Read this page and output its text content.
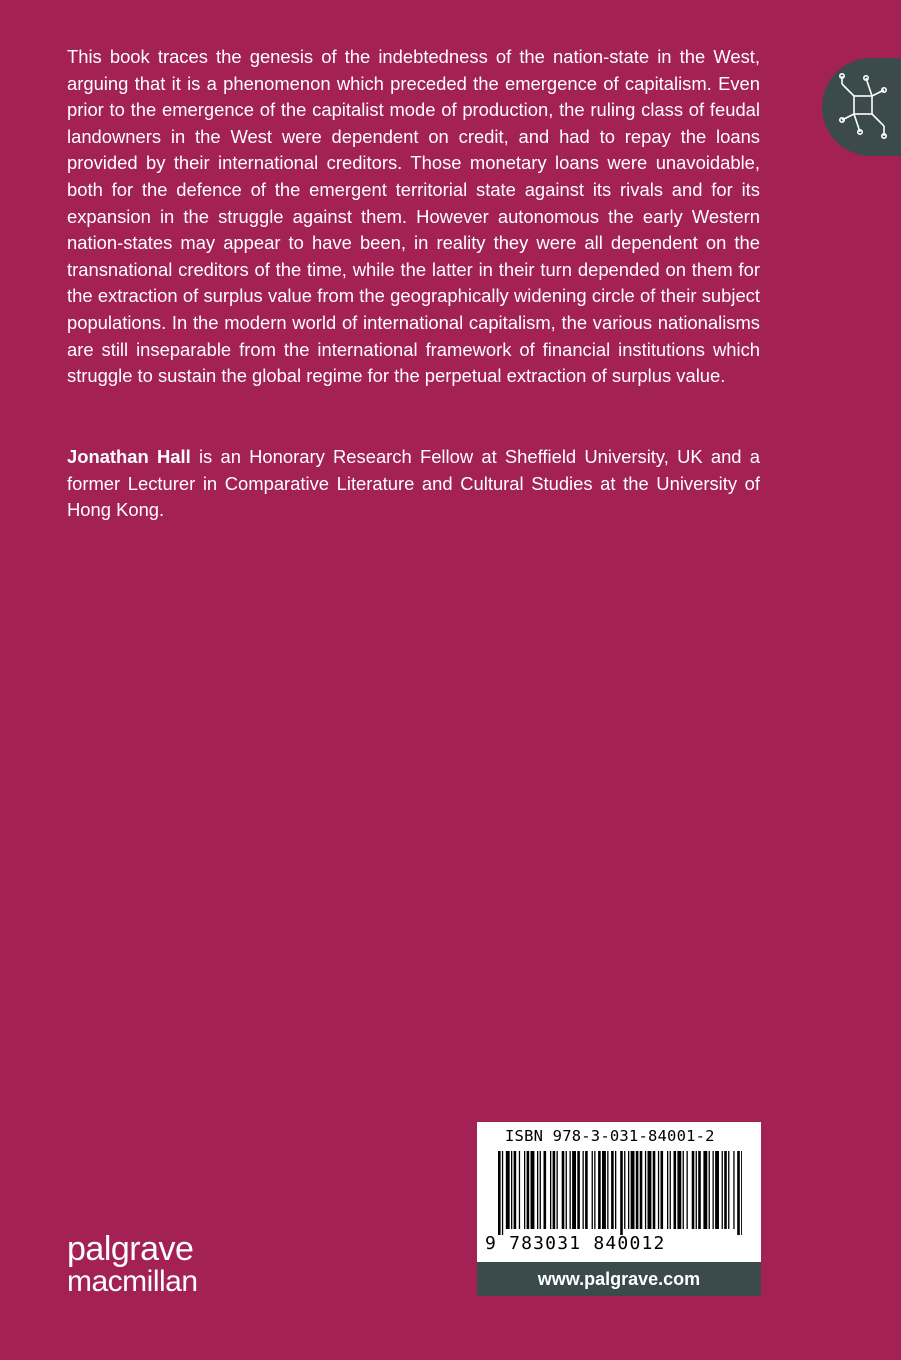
This book traces the genesis of the indebtedness of the nation-state in the West, arguing that it is a phenomenon which preceded the emergence of capitalism. Even prior to the emergence of the capitalist mode of production, the ruling class of feudal landowners in the West were dependent on credit, and had to repay the loans provided by their international creditors. Those monetary loans were unavoidable, both for the defence of the emergent territorial state against its rivals and for its expansion in the struggle against them. However autonomous the early Western nation-states may appear to have been, in reality they were all dependent on the transnational creditors of the time, while the latter in their turn depended on them for the extraction of surplus value from the geographically widening circle of their subject populations. In the modern world of international capitalism, the various nationalisms are still inseparable from the international framework of financial institutions which struggle to sustain the global regime for the perpetual extraction of surplus value.

Jonathan Hall is an Honorary Research Fellow at Sheffield University, UK and a former Lecturer in Comparative Literature and Cultural Studies at the University of Hong Kong.

palgrave
macmillan
ISBN 978-3-031-84001-2
9 783031 840012
www.palgrave.com
